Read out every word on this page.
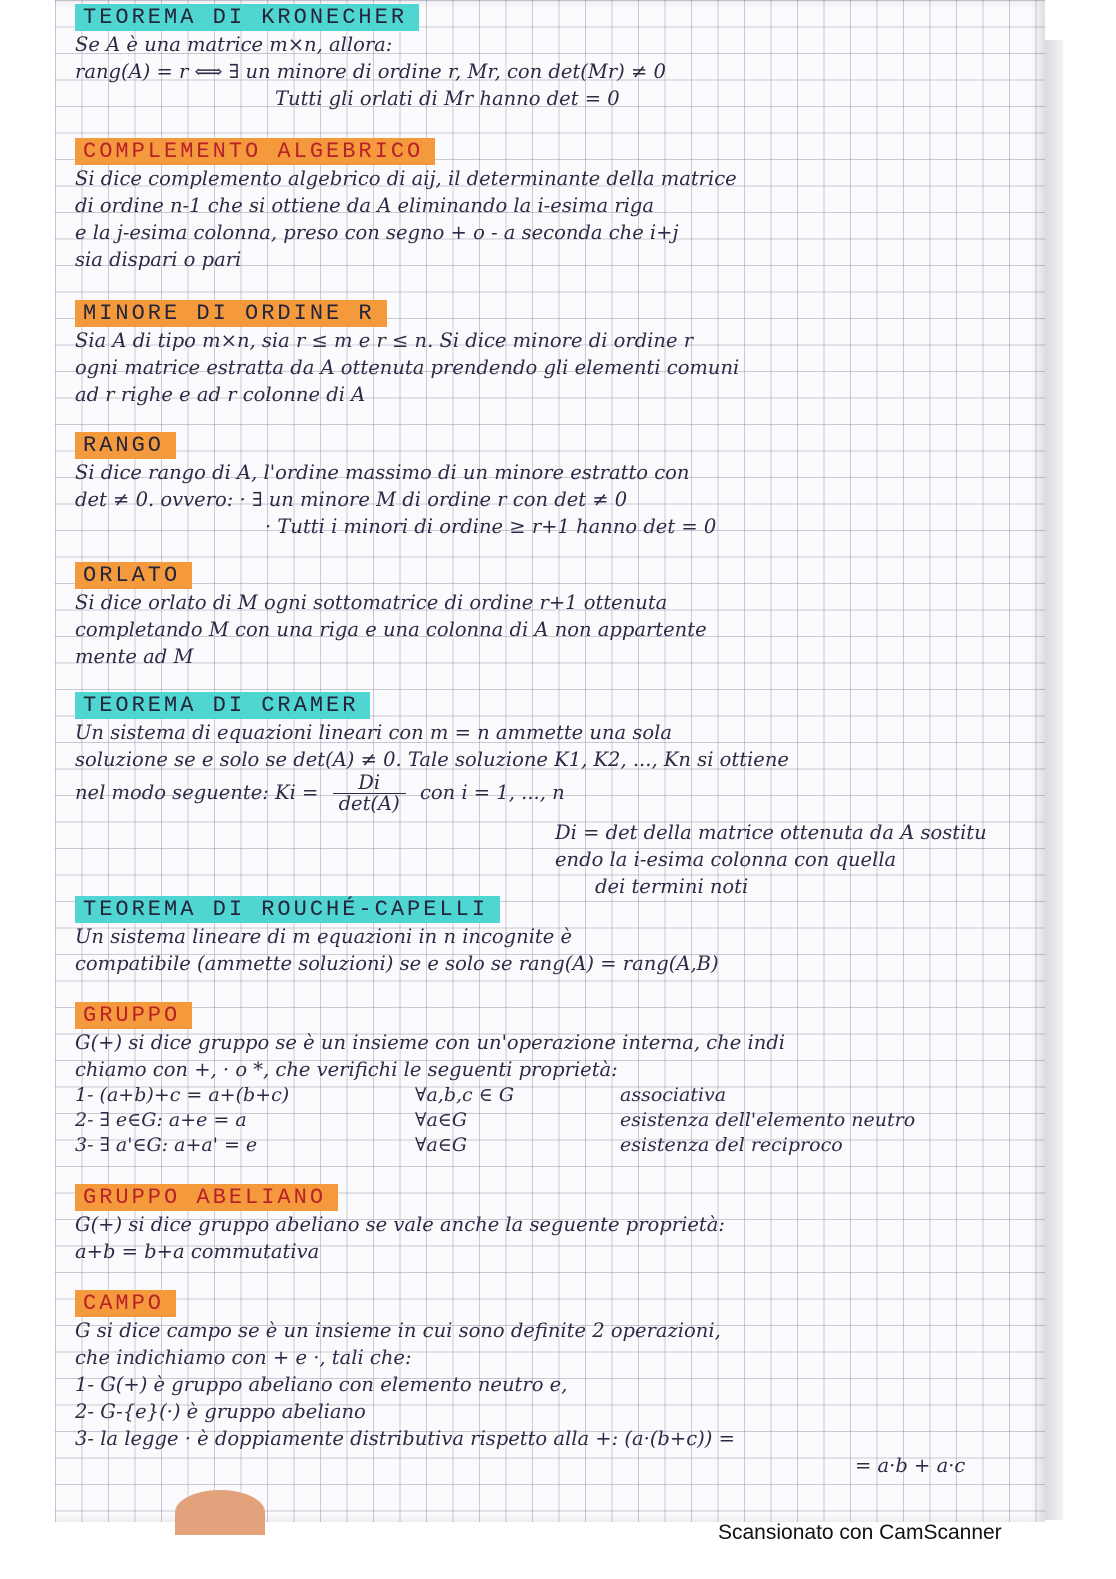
TEOREMA DI KRONECHER
Se A è una matrice m×n, allora:
rang(A) = r ⟺ ∃ un minore di ordine r, Mr, con det(Mr) ≠ 0
Tutti gli orlati di Mr hanno det = 0
COMPLEMENTO ALGEBRICO
Si dice complemento algebrico di aij, il determinante della matrice
di ordine n-1 che si ottiene da A eliminando la i-esima riga
e la j-esima colonna, preso con segno + o - a seconda che i+j
sia dispari o pari
MINORE DI ORDINE R
Sia A di tipo m×n, sia r ≤ m e r ≤ n. Si dice minore di ordine r
ogni matrice estratta da A ottenuta prendendo gli elementi comuni
ad r righe e ad r colonne di A
RANGO
Si dice rango di A, l'ordine massimo di un minore estratto con
det ≠ 0. ovvero: · ∃ un minore M di ordine r con det ≠ 0
· Tutti i minori di ordine ≥ r+1 hanno det = 0
ORLATO
Si dice orlato di M ogni sottomatrice di ordine r+1 ottenuta
completando M con una riga e una colonna di A non appartente
mente ad M
TEOREMA DI CRAMER
Un sistema di equazioni lineari con m = n ammette una sola
soluzione se e solo se det(A) ≠ 0. Tale soluzione K1, K2, ..., Kn si ottiene
nel modo seguente: $Ki = \frac{Di}{\det(A)}$ con i = 1, ..., n
Di = det della matrice ottenuta da A sostitu
endo la i-esima colonna con quella
dei termini noti
TEOREMA DI ROUCHÉ-CAPELLI
Un sistema lineare di m equazioni in n incognite è
compatibile (ammette soluzioni) se e solo se rang(A) = rang(A,B)
GRUPPO
G(+) si dice gruppo se è un insieme con un'operazione interna, che indi
chiamo con +, · o *, che verifichi le seguenti proprietà:
1- (a+b)+c = a+(b+c)	∀a,b,c ∈ G	associativa
2- ∃ e∈G: a+e = a	∀a∈G	esistenza dell'elemento neutro
3- ∃ a'∈G: a+a' = e	∀a∈G	esistenza del reciproco
GRUPPO ABELIANO
G(+) si dice gruppo abeliano se vale anche la seguente proprietà:
a+b = b+a commutativa
CAMPO
G si dice campo se è un insieme in cui sono definite 2 operazioni,
che indichiamo con + e ·, tali che:
1- G(+) è gruppo abeliano con elemento neutro e,
2- G-{e}(·) è gruppo abeliano
3- la legge · è doppiamente distributiva rispetto alla +: (a·(b+c)) =
= a·b + a·c
Scansionato con CamScanner
